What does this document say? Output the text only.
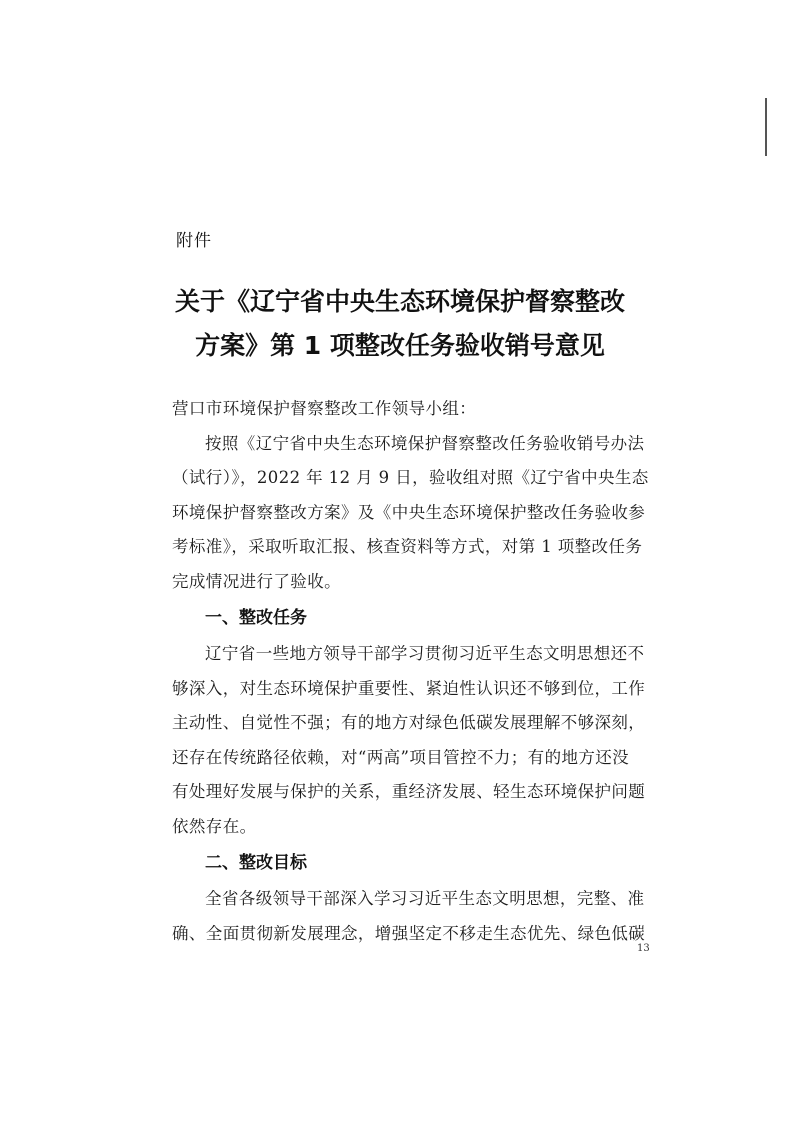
附件
关于《辽宁省中央生态环境保护督察整改
方案》第 1 项整改任务验收销号意见
营口市环境保护督察整改工作领导小组：
按照《辽宁省中央生态环境保护督察整改任务验收销号办法
（试行）》，2022 年 12 月 9 日，验收组对照《辽宁省中央生态
环境保护督察整改方案》及《中央生态环境保护整改任务验收参
考标准》，采取听取汇报、核查资料等方式，对第 1 项整改任务
完成情况进行了验收。
一、整改任务
辽宁省一些地方领导干部学习贯彻习近平生态文明思想还不
够深入，对生态环境保护重要性、紧迫性认识还不够到位，工作
主动性、自觉性不强；有的地方对绿色低碳发展理解不够深刻，
还存在传统路径依赖，对“两高”项目管控不力；有的地方还没
有处理好发展与保护的关系，重经济发展、轻生态环境保护问题
依然存在。
二、整改目标
全省各级领导干部深入学习习近平生态文明思想，完整、准
确、全面贯彻新发展理念，增强坚定不移走生态优先、绿色低碳
13
